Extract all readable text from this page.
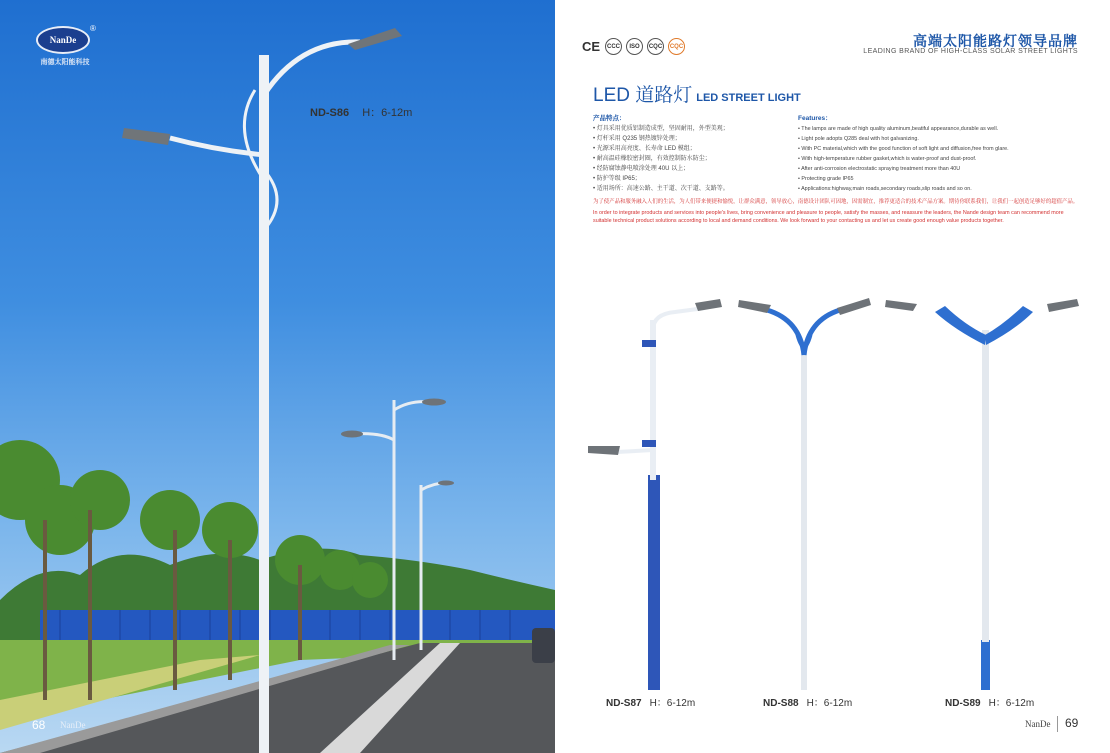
NanDe
®
南德太阳能科技
ND-S86 H：6-12m
68 NanDe
CE	CCC	ISO	CQC	CQC	高端太阳能路灯领导品牌
LEADING BRAND OF HIGH-CLASS SOLAR STREET LIGHTS
LED 道路灯 LED STREET LIGHT
产品特点：
• 灯具采用优质铝制造成型，坚固耐用，外型美观；
• 灯杆采用 Q235 钢热镀锌处理；
• 光源采用高亮度、长寿命 LED 模组；
• 耐高温硅橡胶密封圈，有效控制防水防尘；
• 经防腐蚀静电喷涂处理 40U 以上；
• 防护等级 IP65；
• 适用场所：高速公路、主干道、次干道、支路等。
Features：
• The lamps are made of high quality aluminum,beatiful appearance,durable as well.
• Light pole adopts Q285 deal with hot galvanizing.
• With PC material,which with the good function of soft light and diffusion,free from glare.
• With high-temperature rubber gasket,which is water-proof and dust-proof.
• After anti-corrosion electrostatic spraying treatment more than 40U
• Protecting grade IP65
• Applications:highway,main roads,secondary roads,slip roads and so on.
为了使产品和服务融入人们的生活，为人们带来便捷和愉悦，让群众满意，领导放心，南德设计团队可因地，因需制宜，推荐更适合的技术产品方案。期待你联系我们，让我们一起创造足够好的超值产品。
In order to integrate products and services into people's lives, bring convenience and pleasure to people, satisfy the masses, and reassure the leaders, the Nande design team can recommend more suitable technical product solutions according to local and demand conditions. We look forward to your contacting us and let us create good enough value products together.
ND-S87 H：6-12m	ND-S88 H：6-12m	ND-S89 H：6-12m
NanDe 69
